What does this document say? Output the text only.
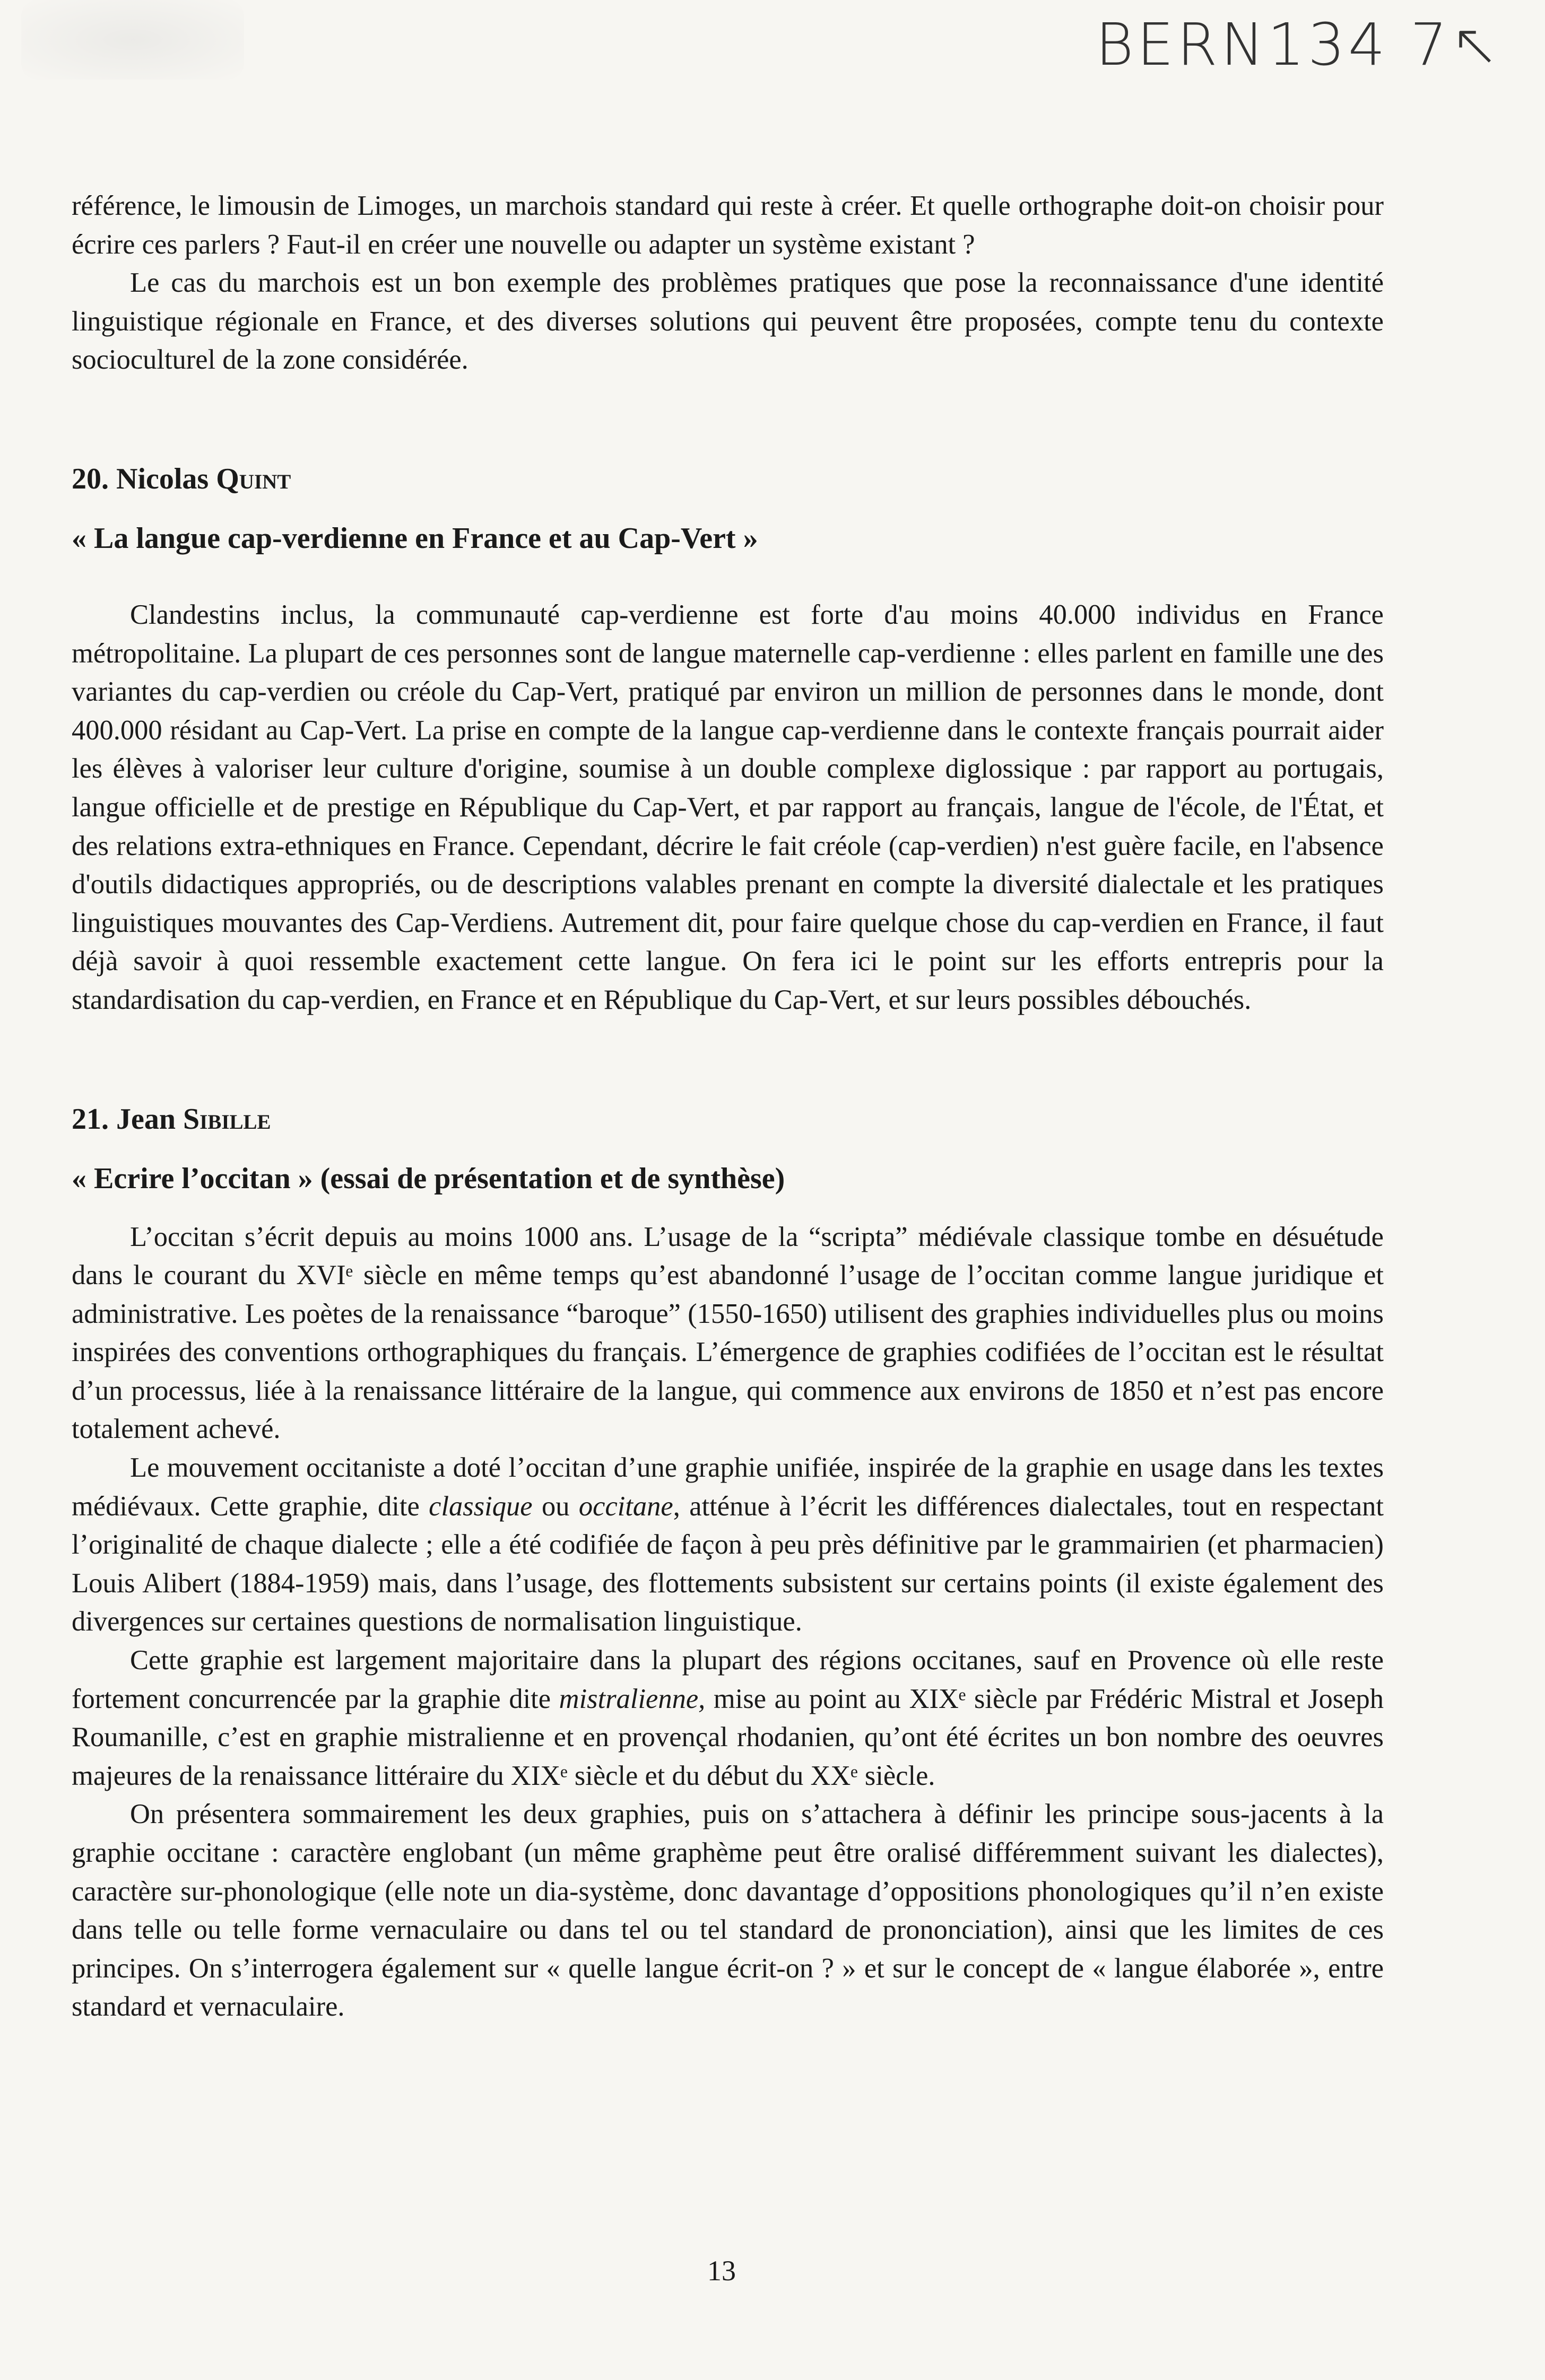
BERN134 7↖

référence, le limousin de Limoges, un marchois standard qui reste à créer. Et quelle orthographe doit-on choisir pour écrire ces parlers ? Faut-il en créer une nouvelle ou adapter un système existant ?

Le cas du marchois est un bon exemple des problèmes pratiques que pose la reconnaissance d'une identité linguistique régionale en France, et des diverses solutions qui peuvent être proposées, compte tenu du contexte socioculturel de la zone considérée.

20. Nicolas Quint

« La langue cap-verdienne en France et au Cap-Vert »

Clandestins inclus, la communauté cap-verdienne est forte d'au moins 40.000 individus en France métropolitaine. La plupart de ces personnes sont de langue maternelle cap-verdienne : elles parlent en famille une des variantes du cap-verdien ou créole du Cap-Vert, pratiqué par environ un million de personnes dans le monde, dont 400.000 résidant au Cap-Vert. La prise en compte de la langue cap-verdienne dans le contexte français pourrait aider les élèves à valoriser leur culture d'origine, soumise à un double complexe diglossique : par rapport au portugais, langue officielle et de prestige en République du Cap-Vert, et par rapport au français, langue de l'école, de l'État, et des relations extra-ethniques en France. Cependant, décrire le fait créole (cap-verdien) n'est guère facile, en l'absence d'outils didactiques appropriés, ou de descriptions valables prenant en compte la diversité dialectale et les pratiques linguistiques mouvantes des Cap-Verdiens. Autrement dit, pour faire quelque chose du cap-verdien en France, il faut déjà savoir à quoi ressemble exactement cette langue. On fera ici le point sur les efforts entrepris pour la standardisation du cap-verdien, en France et en République du Cap-Vert, et sur leurs possibles débouchés.

21. Jean Sibille

« Ecrire l’occitan » (essai de présentation et de synthèse)

L’occitan s’écrit depuis au moins 1000 ans. L’usage de la “scripta” médiévale classique tombe en désuétude dans le courant du XVIᵉ siècle en même temps qu’est abandonné l’usage de l’occitan comme langue juridique et administrative. Les poètes de la renaissance “baroque” (1550-1650) utilisent des graphies individuelles plus ou moins inspirées des conventions orthographiques du français. L’émergence de graphies codifiées de l’occitan est le résultat d’un processus, liée à la renaissance littéraire de la langue, qui commence aux environs de 1850 et n’est pas encore totalement achevé.

Le mouvement occitaniste a doté l’occitan d’une graphie unifiée, inspirée de la graphie en usage dans les textes médiévaux. Cette graphie, dite classique ou occitane, atténue à l’écrit les différences dialectales, tout en respectant l’originalité de chaque dialecte ; elle a été codifiée de façon à peu près définitive par le grammairien (et pharmacien) Louis Alibert (1884-1959) mais, dans l’usage, des flottements subsistent sur certains points (il existe également des divergences sur certaines questions de normalisation linguistique.

Cette graphie est largement majoritaire dans la plupart des régions occitanes, sauf en Provence où elle reste fortement concurrencée par la graphie dite mistralienne, mise au point au XIXᵉ siècle par Frédéric Mistral et Joseph Roumanille, c’est en graphie mistralienne et en provençal rhodanien, qu’ont été écrites un bon nombre des oeuvres majeures de la renaissance littéraire du XIXᵉ siècle et du début du XXᵉ siècle.

On présentera sommairement les deux graphies, puis on s’attachera à définir les principe sous-jacents à la graphie occitane : caractère englobant (un même graphème peut être oralisé différemment suivant les dialectes), caractère sur-phonologique (elle note un dia-système, donc davantage d’oppositions phonologiques qu’il n’en existe dans telle ou telle forme vernaculaire ou dans tel ou tel standard de prononciation), ainsi que les limites de ces principes. On s’interrogera également sur « quelle langue écrit-on ? » et sur le concept de « langue élaborée », entre standard et vernaculaire.

13
